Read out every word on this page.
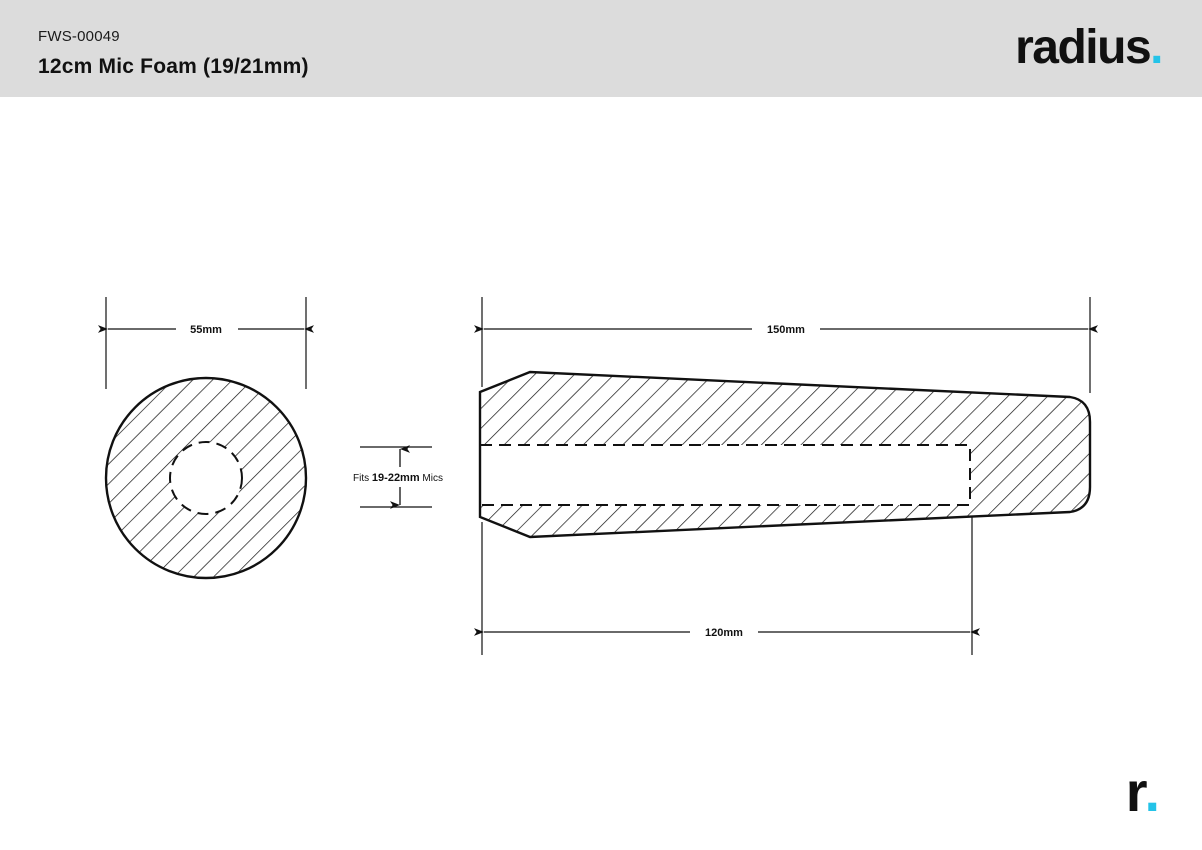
FWS-00049
12cm Mic Foam (19/21mm)	radius.
55mm	150mm
120mm
Fits 19-22mm Mics
r.
